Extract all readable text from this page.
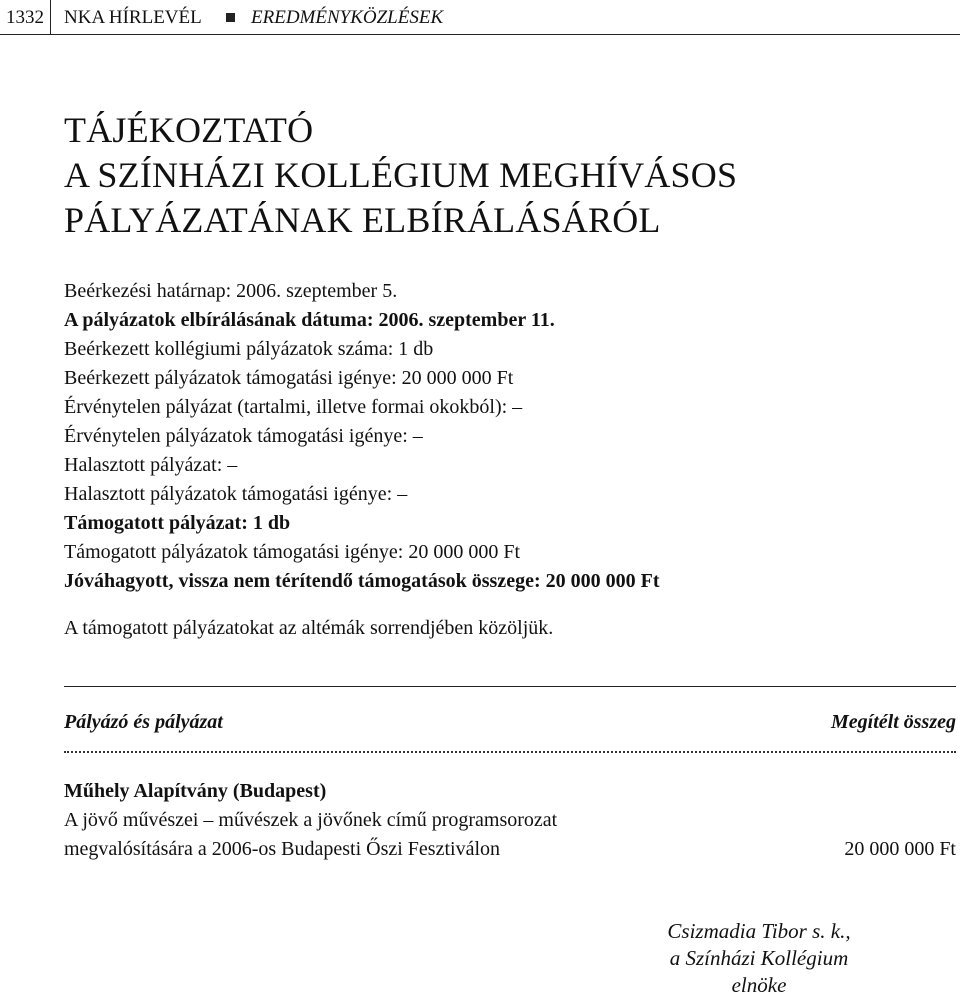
1332 NKA HÍRLEVÉL	EREDMÉNYKÖZLÉSEK
TÁJÉKOZTATÓ
A SZÍNHÁZI KOLLÉGIUM MEGHÍVÁSOS
PÁLYÁZATÁNAK ELBÍRÁLÁSÁRÓL
Beérkezési határnap: 2006. szeptember 5.
A pályázatok elbírálásának dátuma: 2006. szeptember 11.
Beérkezett kollégiumi pályázatok száma: 1 db
Beérkezett pályázatok támogatási igénye: 20 000 000 Ft
Érvénytelen pályázat (tartalmi, illetve formai okokból): –
Érvénytelen pályázatok támogatási igénye: –
Halasztott pályázat: –
Halasztott pályázatok támogatási igénye: –
Támogatott pályázat: 1 db
Támogatott pályázatok támogatási igénye: 20 000 000 Ft
Jóváhagyott, vissza nem térítendő támogatások összege: 20 000 000 Ft
A támogatott pályázatokat az altémák sorrendjében közöljük.
Pályázó és pályázat	Megítélt összeg
Műhely Alapítvány (Budapest)
A jövő művészei – művészek a jövőnek című programsorozat
megvalósítására a 2006-os Budapesti Őszi Fesztiválon	20 000 000 Ft
Csizmadia Tibor s. k.,
a Színházi Kollégium
elnöke
